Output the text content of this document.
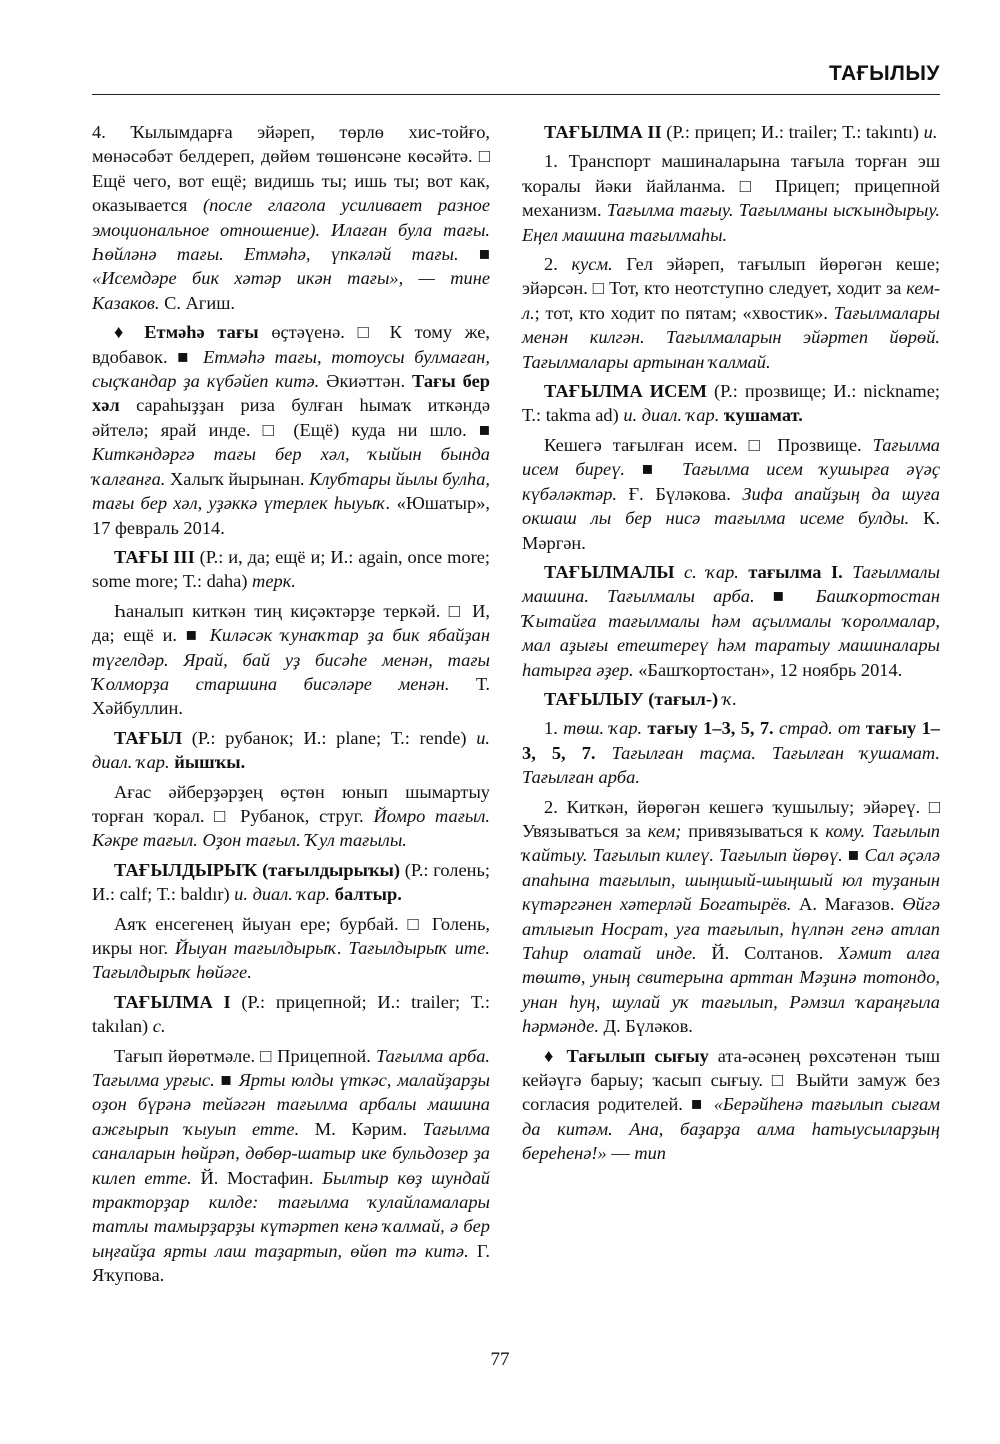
ТАҒЫЛЫУ

4. Ҡылымдарға эйәреп, төрлө хис-тойғо, мөнәсәбәт белдереп, дөйөм төшөнсәне көсәйтә. □ Ещё чего, вот ещё; видишь ты; ишь ты; вот как, оказывается (после глагола усиливает разное эмоциональное отношение). Илаған була тағы. Һөйләнә тағы. Етмәһә, үпкәләй тағы. ■ «Исемдәре бик хәтәр икән тағы», — тине Казаков. С. Агиш.

♦ Етмәһә тағы өҫтәүенә. □ К тому же, вдобавок. ■ Етмәһә тағы, тотоусы булмаған, сыҫҡандар ҙа күбәйеп китә. Әкиәттән. Тағы бер хәл сараһыҙҙан риза булған һымаҡ иткәндә әйтелә; ярай инде. □ (Ещё) куда ни шло. ■ Киткәндәргә тағы бер хәл, ҡыйын бында ҡалғанға. Халыҡ йырынан. Клубтары йылы булһа, тағы бер хәл, уҙәккә үтерлек һыуыҡ. «Юшатыр», 17 февраль 2014.

ТАҒЫ III (Р.: и, да; ещё и; И.: again, once more; some more; Т.: daha) терк.

Һаналып киткән тиң киҫәктәрҙе теркәй. □ И, да; ещё и. ■ Киләсәк ҡунаҡтар ҙа бик ябайҙан түгелдәр. Ярай, бай уҙ бисәһе менән, тағы Ҡолморҙа старшина бисәләре менән. Т. Хәйбуллин.

ТАҒЫЛ (Р.: рубанок; И.: plane; Т.: rende) и. диал. ҡар. йышҡы.

Ағас әйберҙәрҙең өҫтөн юнып шымартыу торған ҡорал. □ Рубанок, струг. Йомро тағыл. Кәкре тағыл. Оҙон тағыл. Ҡул тағылы.

ТАҒЫЛДЫРЫҠ (тағылдырыҡы) (Р.: голень; И.: calf; Т.: baldır) и. диал. ҡар. балтыр.

Аяҡ енсегенең йыуан ере; бурбай. □ Голень, икры ног. Йыуан тағылдырыҡ. Тағылдырыҡ ите. Тағылдырыҡ һөйәге.

ТАҒЫЛМА I (Р.: прицепной; И.: trailer; Т.: takılan) с.

Тағып йөрөтмәле. □ Прицепной. Тағылма арба. Тағылма урғыс. ■ Ярты юлды үткәс, малайҙарҙы оҙон бүрәнә тейәгән тағылма арбалы машина ажғырып ҡыуып етте. М. Кәрим. Тағылма саналарын һөйрәп, дөбөр-шатыр ике бульдозер ҙа килеп етте. Й. Мостафин. Былтыр көҙ шундай тракторҙар килде: тағылма ҡулайламалары татлы тамырҙарҙы күтәртеп кенә ҡалмай, ә бер ыңғайҙа ярты лаш таҙартып, өйөп тә китә. Г. Яҡупова.

ТАҒЫЛМА II (Р.: прицеп; И.: trailer; Т.: takıntı) и.

1. Транспорт машиналарына тағыла торған эш ҡоралы йәки йайланма. □ Прицеп; прицепной механизм. Тағылма тағыу. Тағылманы ысҡындырыу. Еңел машина тағылмаһы.

2. кусм. Гел эйәреп, тағылып йөрөгән кеше; эйәрсән. □ Тот, кто неотступно следует, ходит за кем-л.; тот, кто ходит по пятам; «хвостик». Тағылмалары менән килгән. Тағылмаларын эйәртеп йөрөй. Тағылмалары артынан ҡалмай.

ТАҒЫЛМА ИСЕМ (Р.: прозвище; И.: nickname; Т.: takma ad) и. диал. ҡар. ҡушамат.

Кешегә тағылған исем. □ Прозвище. Тағылма исем биреү. ■ Тағылма исем ҡушырға әүәҫ күбәләктәр. Ғ. Бүләкова. Зифа апайҙың да шуға окшаш лы бер нисә тағылма исеме булды. К. Мәргән.

ТАҒЫЛМАЛЫ с. ҡар. тағылма I. Тағылмалы машина. Тағылмалы арба. ■ Башҡортостан Ҡытайға тағылмалы һәм аҫылмалы ҡоролмалар, мал аҙығы етештереү һәм таратыу машиналары һатырға әҙер. «Башҡортостан», 12 ноябрь 2014.

ТАҒЫЛЫУ (тағыл-) ҡ.

1. төш. ҡар. тағыу 1–3, 5, 7. страд. от тағыу 1–3, 5, 7. Тағылған таҫма. Тағылған ҡушамат. Тағылған арба.

2. Киткән, йөрөгән кешегә ҡушылыу; эйәреү. □ Увязываться за кем; привязываться к кому. Тағылып ҡайтыу. Тағылып килеү. Тағылып йөрөү. ■ Сал әҫәлә апаһына тағылып, шыңшый-шыңшый юл туҙанын күтәргәнен хәтерләй Богатырёв. А. Мағазов. Өйгә атлығып Носрат, уға тағылып, һүлпән генә атлап Таһир олатай инде. Й. Солтанов. Хәмит алға төштө, уның свитерына арттан Мәҙинә тотондо, унан һуң, шулай уҡ тағылып, Рәмзил ҡараңғыла һәрмәнде. Д. Бүләков.

♦ Тағылып сығыу ата-әсәнең рөхсәтенән тыш кейәүгә барыу; ҡасып сығыу. □ Выйти замуж без согласия родителей. ■ «Берәйһенә тағылып сығам да китәм. Ана, баҙарҙа алма һатыусыларҙың береһенә!» — тип

77
